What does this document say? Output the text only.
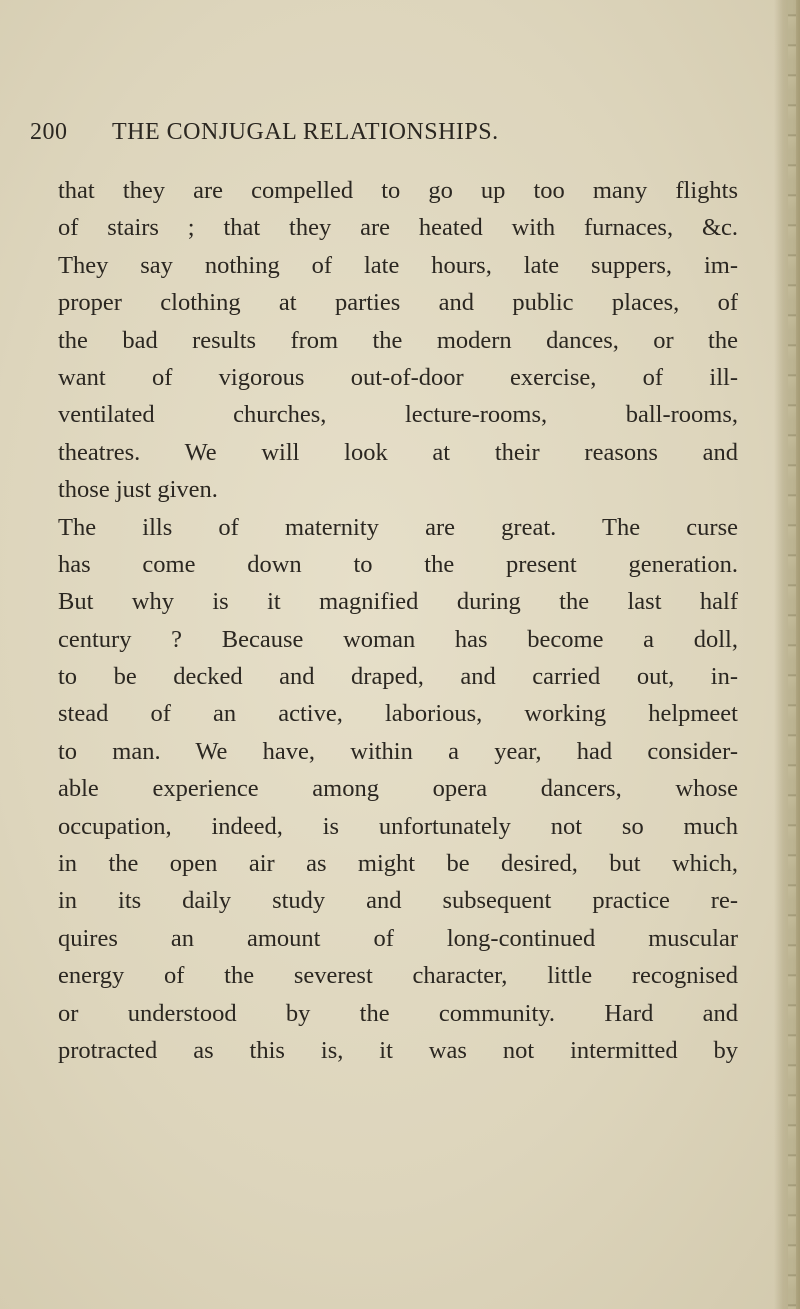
200 THE CONJUGAL RELATIONSHIPS.
that they are compelled to go up too many flights
of stairs ; that they are heated with furnaces, &c.
They say nothing of late hours, late suppers, im-
proper clothing at parties and public places, of
the bad results from the modern dances, or the
want of vigorous out-of-door exercise, of ill-
ventilated churches, lecture-rooms, ball-rooms,
theatres. We will look at their reasons and
those just given.
The ills of maternity are great. The curse
has come down to the present generation.
But why is it magnified during the last half
century ? Because woman has become a doll,
to be decked and draped, and carried out, in-
stead of an active, laborious, working helpmeet
to man. We have, within a year, had consider-
able experience among opera dancers, whose
occupation, indeed, is unfortunately not so much
in the open air as might be desired, but which,
in its daily study and subsequent practice re-
quires an amount of long-continued muscular
energy of the severest character, little recognised
or understood by the community. Hard and
protracted as this is, it was not intermitted by
